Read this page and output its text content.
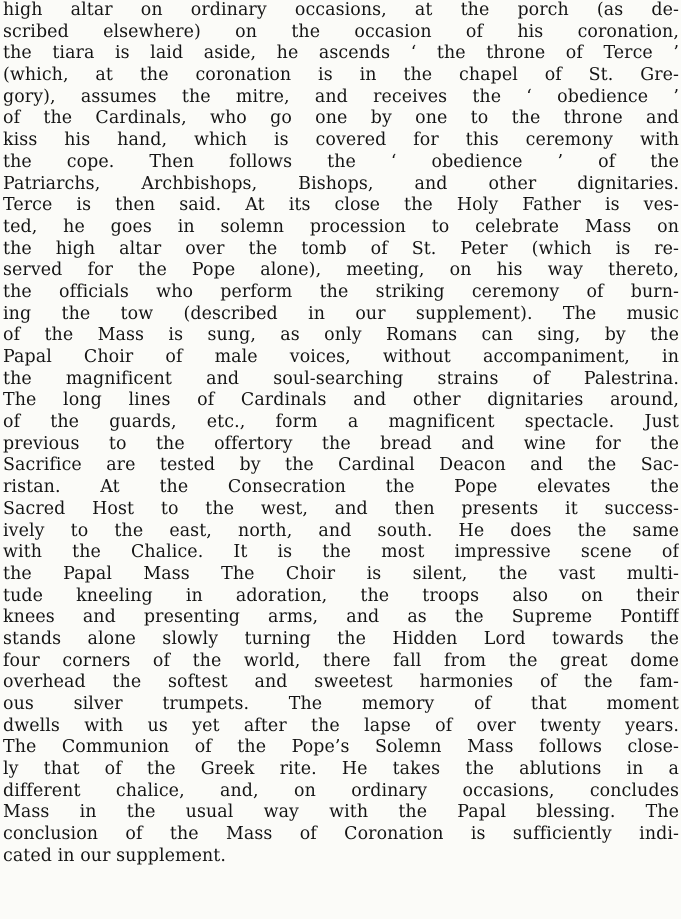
high altar on ordinary occasions, at the porch (as de-
scribed elsewhere) on the occasion of his coronation,
the tiara is laid aside, he ascends ‘ the throne of Terce ’
(which, at the coronation is in the chapel of St. Gre-
gory), assumes the mitre, and receives the ‘ obedience ’
of the Cardinals, who go one by one to the throne and
kiss his hand, which is covered for this ceremony with
the cope. Then follows the ‘ obedience ’ of the
Patriarchs, Archbishops, Bishops, and other dignitaries.
Terce is then said. At its close the Holy Father is ves-
ted, he goes in solemn procession to celebrate Mass on
the high altar over the tomb of St. Peter (which is re-
served for the Pope alone), meeting, on his way thereto,
the officials who perform the striking ceremony of burn-
ing the tow (described in our supplement). The music
of the Mass is sung, as only Romans can sing, by the
Papal Choir of male voices, without accompaniment, in
the magnificent and soul-searching strains of Palestrina.
The long lines of Cardinals and other dignitaries around,
of the guards, etc., form a magnificent spectacle. Just
previous to the offertory the bread and wine for the
Sacrifice are tested by the Cardinal Deacon and the Sac-
ristan. At the Consecration the Pope elevates the
Sacred Host to the west, and then presents it success-
ively to the east, north, and south. He does the same
with the Chalice. It is the most impressive scene of
the Papal Mass The Choir is silent, the vast multi-
tude kneeling in adoration, the troops also on their
knees and presenting arms, and as the Supreme Pontiff
stands alone slowly turning the Hidden Lord towards the
four corners of the world, there fall from the great dome
overhead the softest and sweetest harmonies of the fam-
ous silver trumpets. The memory of that moment
dwells with us yet after the lapse of over twenty years.
The Communion of the Pope’s Solemn Mass follows close-
ly that of the Greek rite. He takes the ablutions in a
different chalice, and, on ordinary occasions, concludes
Mass in the usual way with the Papal blessing. The
conclusion of the Mass of Coronation is sufficiently indi-
cated in our supplement.
